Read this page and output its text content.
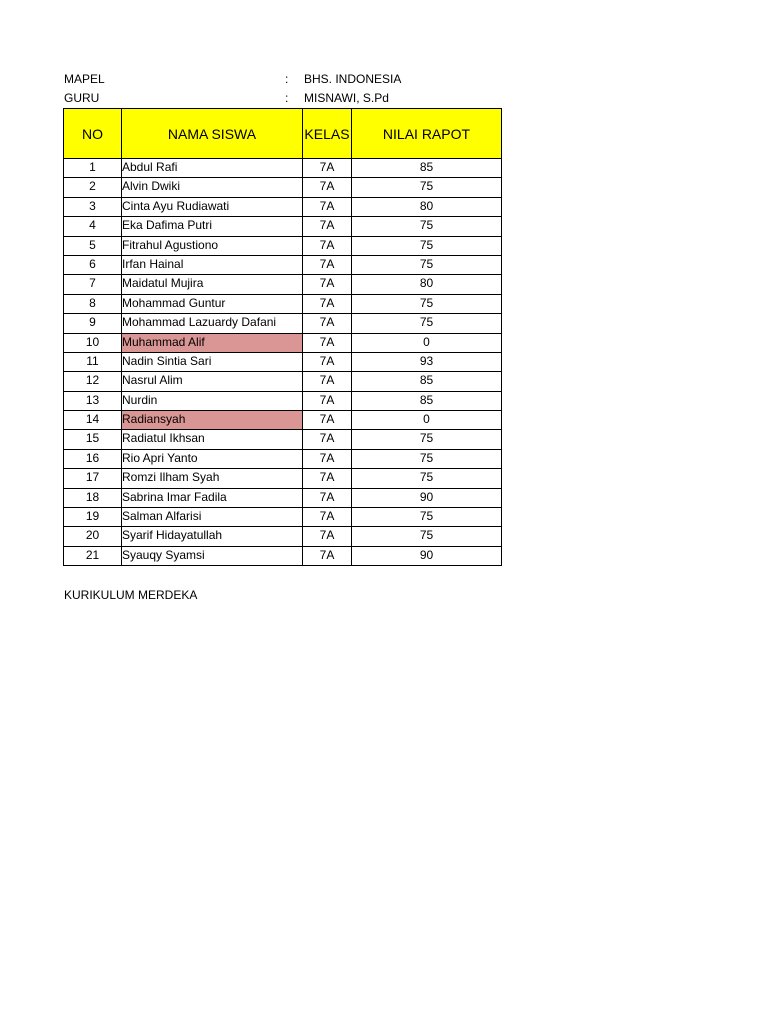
MAPEL	: BHS. INDONESIA
GURU	: MISNAWI, S.Pd
NO	NAMA SISWA	KELAS	NILAI RAPOT
1	Abdul Rafi	7A	85
2	Alvin Dwiki	7A	75
3	Cinta Ayu Rudiawati	7A	80
4	Eka Dafima Putri	7A	75
5	Fitrahul Agustiono	7A	75
6	Irfan Hainal	7A	75
7	Maidatul Mujira	7A	80
8	Mohammad Guntur	7A	75
9	Mohammad Lazuardy Dafani	7A	75
10	Muhammad Alif	7A	0
11	Nadin Sintia Sari	7A	93
12	Nasrul Alim	7A	85
13	Nurdin	7A	85
14	Radiansyah	7A	0
15	Radiatul Ikhsan	7A	75
16	Rio Apri Yanto	7A	75
17	Romzi Ilham Syah	7A	75
18	Sabrina Imar Fadila	7A	90
19	Salman Alfarisi	7A	75
20	Syarif Hidayatullah	7A	75
21	Syauqy Syamsi	7A	90
KURIKULUM MERDEKA
